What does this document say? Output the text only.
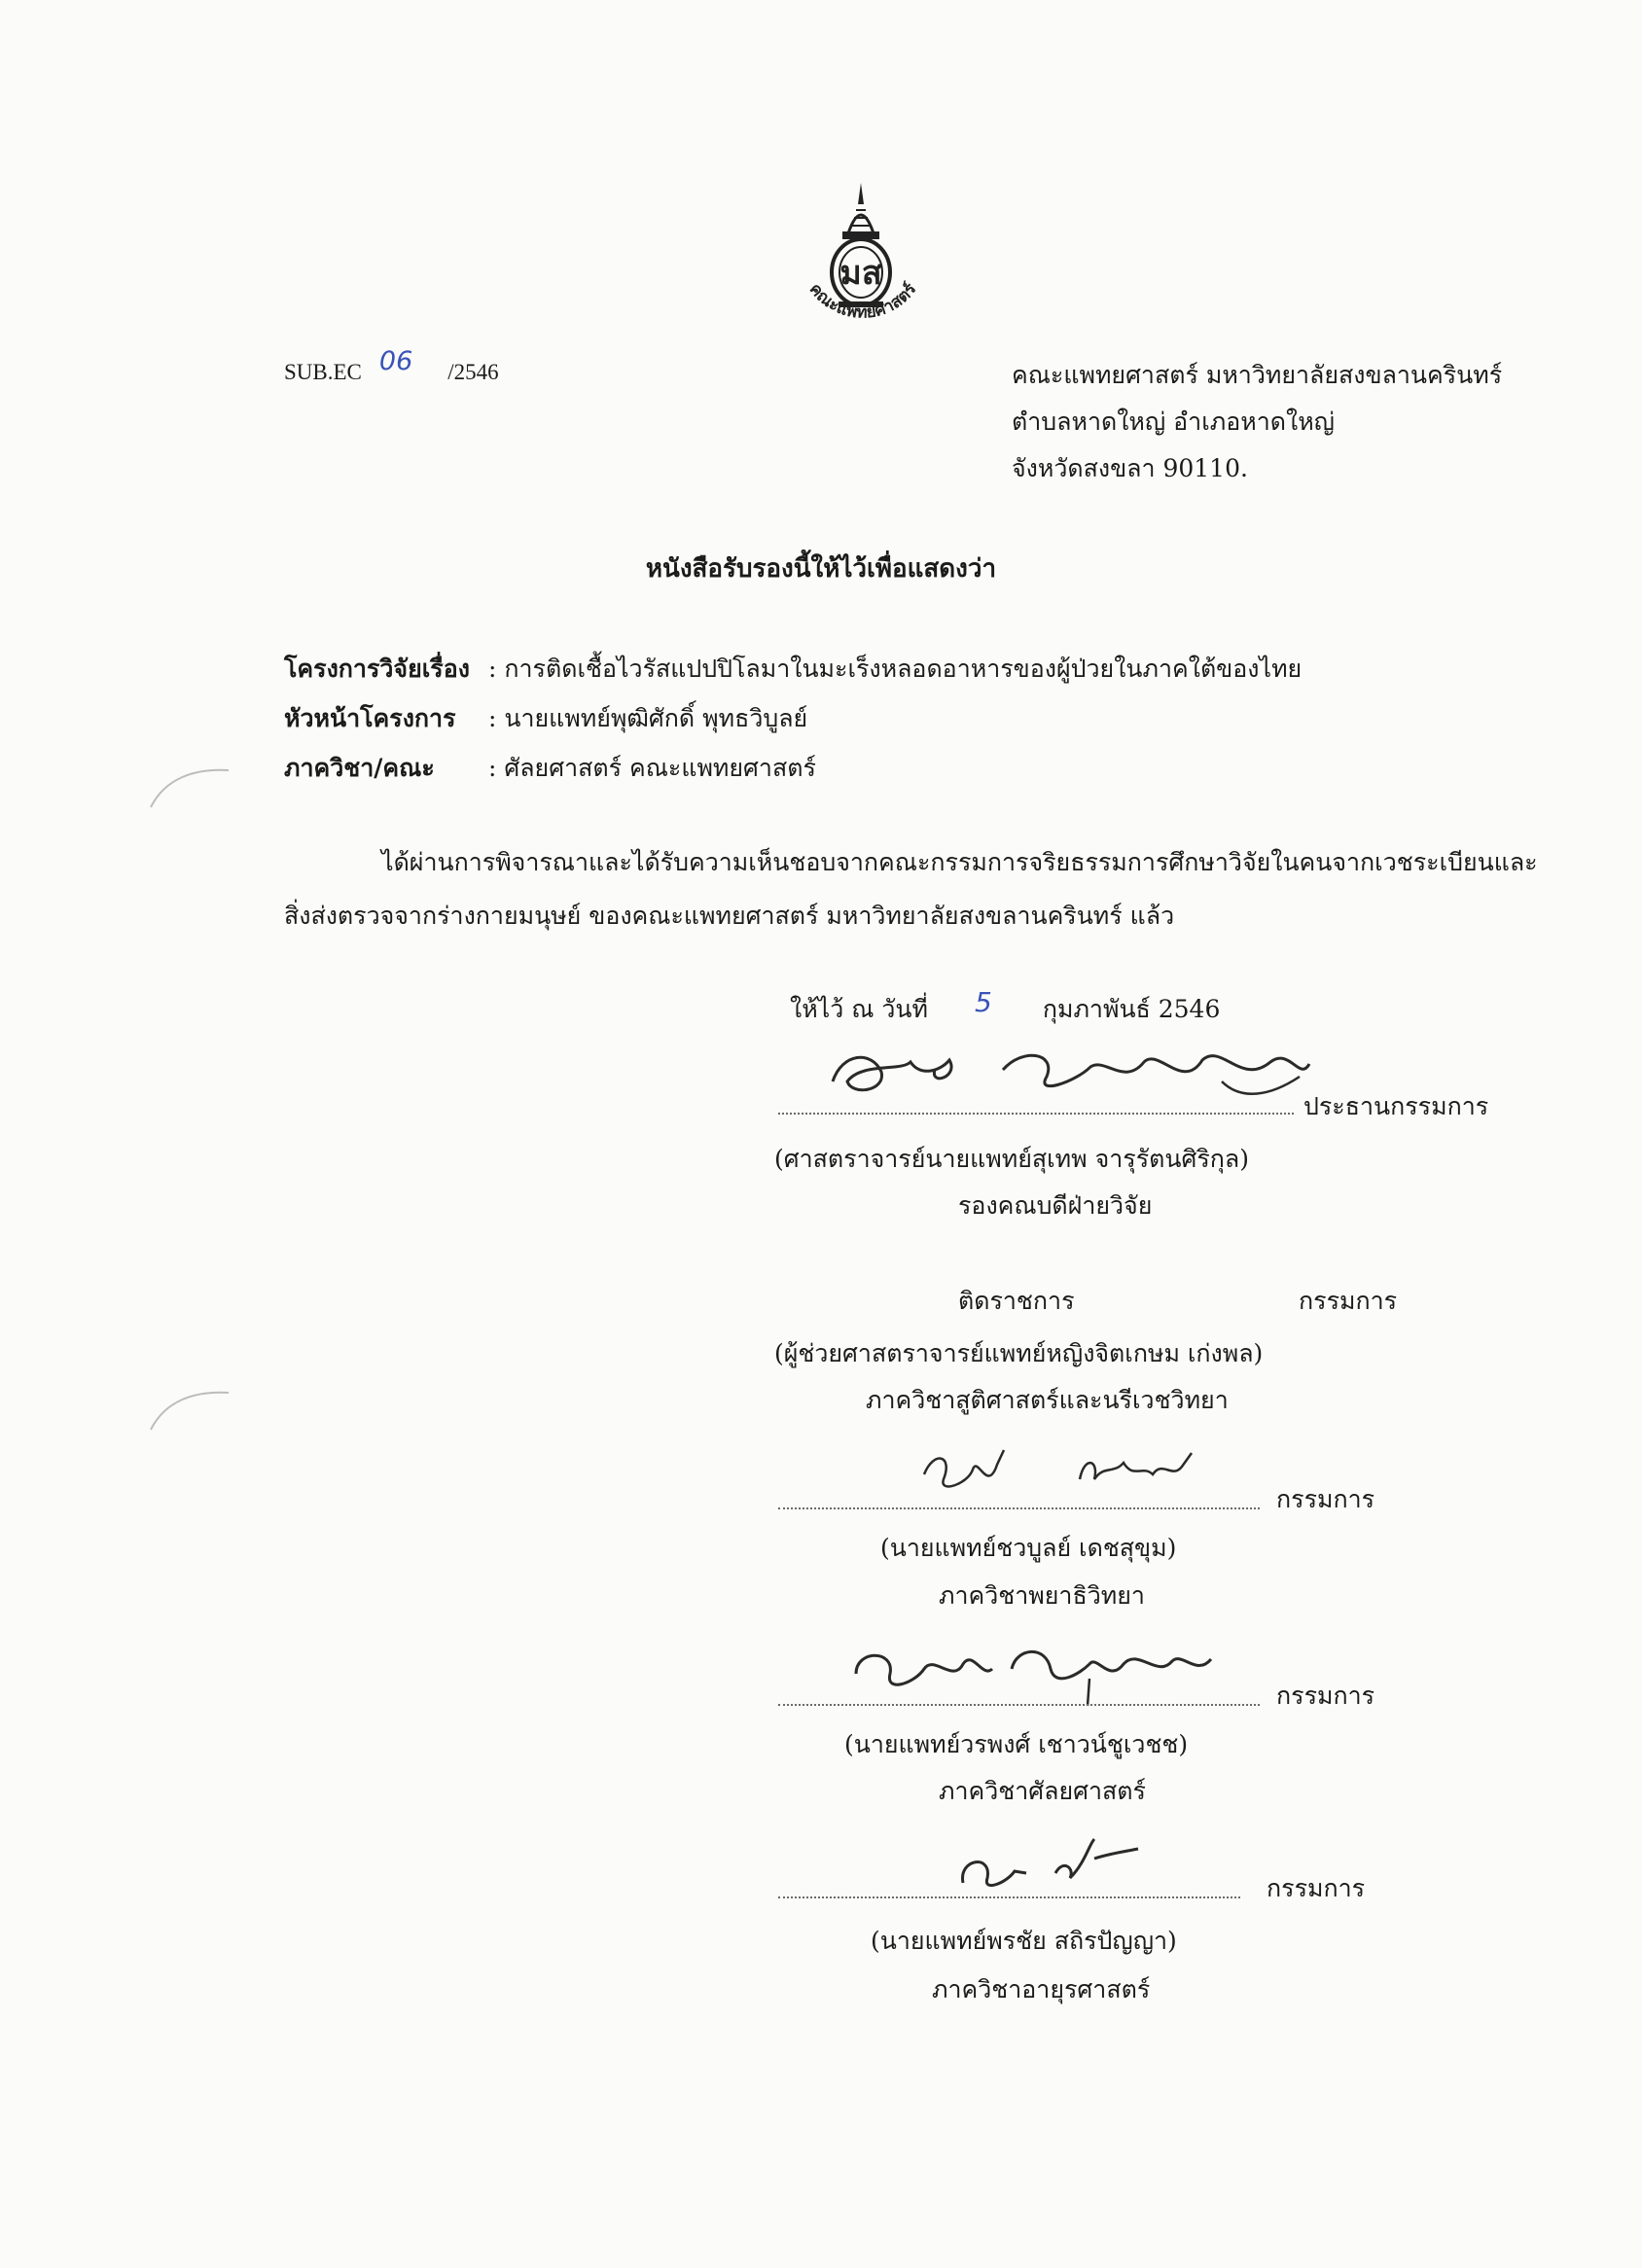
มส
คณะแพทยศาสตร์
SUB.EC 06 /2546	คณะแพทยศาสตร์ มหาวิทยาลัยสงขลานครินทร์
ตำบลหาดใหญ่ อำเภอหาดใหญ่
จังหวัดสงขลา 90110.
หนังสือรับรองนี้ให้ไว้เพื่อแสดงว่า
โครงการวิจัยเรื่อง : การติดเชื้อไวรัสแปปปิโลมาในมะเร็งหลอดอาหารของผู้ป่วยในภาคใต้ของไทย
หัวหน้าโครงการ : นายแพทย์พุฒิศักดิ์ พุทธวิบูลย์
ภาควิชา/คณะ : ศัลยศาสตร์ คณะแพทยศาสตร์
ได้ผ่านการพิจารณาและได้รับความเห็นชอบจากคณะกรรมการจริยธรรมการศึกษาวิจัยในคนจากเวชระเบียนและ
สิ่งส่งตรวจจากร่างกายมนุษย์ ของคณะแพทยศาสตร์ มหาวิทยาลัยสงขลานครินทร์ แล้ว
ให้ไว้ ณ วันที่ 5 กุมภาพันธ์ 2546
ประธานกรรมการ
(ศาสตราจารย์นายแพทย์สุเทพ จารุรัตนศิริกุล)
รองคณบดีฝ่ายวิจัย
ติดราชการ	กรรมการ
(ผู้ช่วยศาสตราจารย์แพทย์หญิงจิตเกษม เก่งพล)
ภาควิชาสูติศาสตร์และนรีเวชวิทยา
กรรมการ
(นายแพทย์ชวบูลย์ เดชสุขุม)
ภาควิชาพยาธิวิทยา
กรรมการ
(นายแพทย์วรพงศ์ เชาวน์ชูเวชช)
ภาควิชาศัลยศาสตร์
กรรมการ
(นายแพทย์พรชัย สถิรปัญญา)
ภาควิชาอายุรศาสตร์
